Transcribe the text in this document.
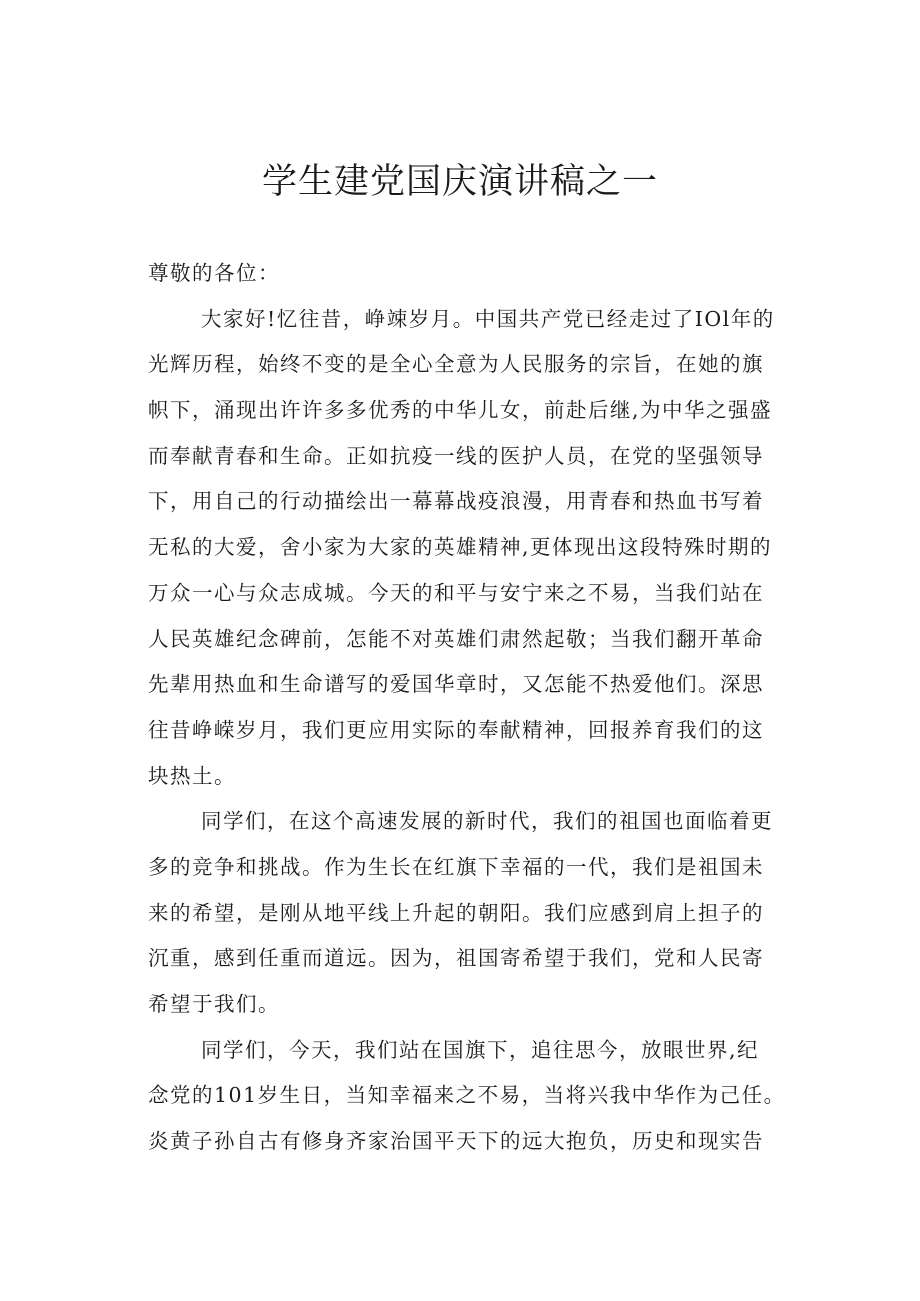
学生建党国庆演讲稿之一
尊敬的各位：
大家好!忆往昔，峥竦岁月。中国共产党已经走过了IOl年的
光辉历程，始终不变的是全心全意为人民服务的宗旨，在她的旗
帜下，涌现出许许多多优秀的中华儿女，前赴后继,为中华之强盛
而奉献青春和生命。正如抗疫一线的医护人员，在党的坚强领导
下，用自己的行动描绘出一幕幕战疫浪漫，用青春和热血书写着
无私的大爱，舍小家为大家的英雄精神,更体现出这段特殊时期的
万众一心与众志成城。今天的和平与安宁来之不易，当我们站在
人民英雄纪念碑前，怎能不对英雄们肃然起敬；当我们翻开革命
先辈用热血和生命谱写的爱国华章时，又怎能不热爱他们。深思
往昔峥嵘岁月，我们更应用实际的奉献精神，回报养育我们的这
块热土。
同学们，在这个高速发展的新时代，我们的祖国也面临着更
多的竞争和挑战。作为生长在红旗下幸福的一代，我们是祖国未
来的希望，是刚从地平线上升起的朝阳。我们应感到肩上担子的
沉重，感到任重而道远。因为，祖国寄希望于我们，党和人民寄
希望于我们。
同学们，今天，我们站在国旗下，追往思今，放眼世界,纪
念党的101岁生日，当知幸福来之不易，当将兴我中华作为己任。
炎黄子孙自古有修身齐家治国平天下的远大抱负，历史和现实告
